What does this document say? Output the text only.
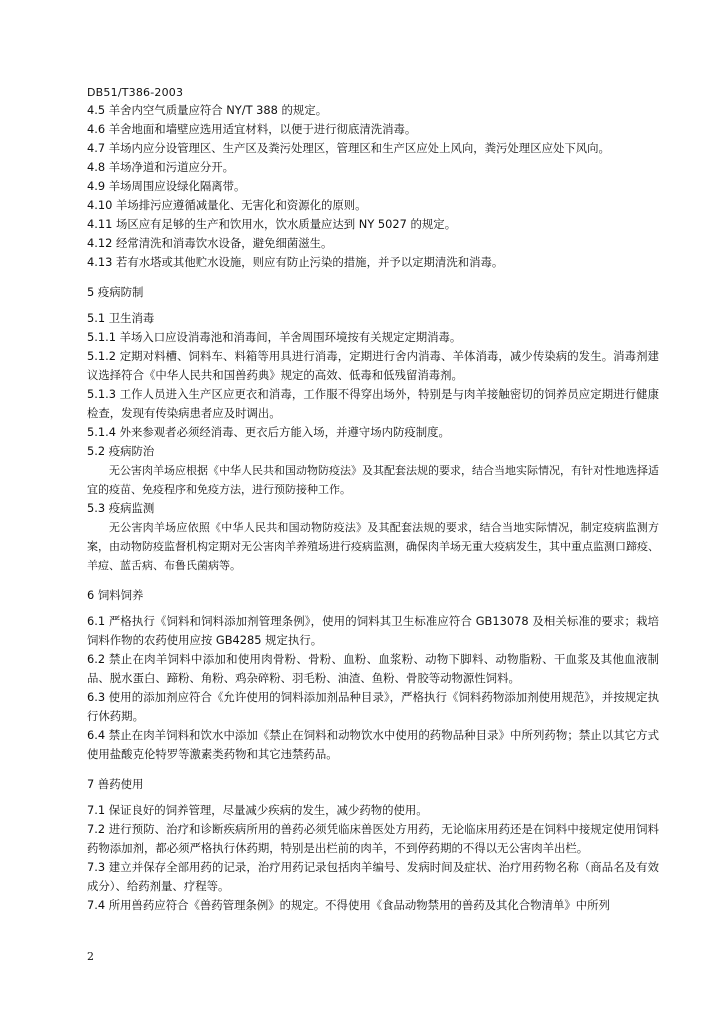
DB51/T386-2003
4.5 羊舍内空气质量应符合 NY/T 388 的规定。
4.6 羊舍地面和墙壁应选用适宜材料，以便于进行彻底清洗消毒。
4.7 羊场内应分设管理区、生产区及粪污处理区，管理区和生产区应处上风向，粪污处理区应处下风向。
4.8 羊场净道和污道应分开。
4.9 羊场周围应设绿化隔离带。
4.10 羊场排污应遵循减量化、无害化和资源化的原则。
4.11 场区应有足够的生产和饮用水，饮水质量应达到 NY 5027 的规定。
4.12 经常清洗和消毒饮水设备，避免细菌滋生。
4.13 若有水塔或其他贮水设施，则应有防止污染的措施，并予以定期清洗和消毒。
5 疫病防制
5.1 卫生消毒
5.1.1 羊场入口应设消毒池和消毒间，羊舍周围环境按有关规定定期消毒。
5.1.2 定期对料槽、饲料车、料箱等用具进行消毒，定期进行舍内消毒、羊体消毒，减少传染病的发生。消毒剂建议选择符合《中华人民共和国兽药典》规定的高效、低毒和低残留消毒剂。
5.1.3 工作人员进入生产区应更衣和消毒，工作服不得穿出场外，特别是与肉羊接触密切的饲养员应定期进行健康检查，发现有传染病患者应及时调出。
5.1.4 外来参观者必须经消毒、更衣后方能入场，并遵守场内防疫制度。
5.2 疫病防治
无公害肉羊场应根据《中华人民共和国动物防疫法》及其配套法规的要求，结合当地实际情况，有针对性地选择适宜的疫苗、免疫程序和免疫方法，进行预防接种工作。
5.3 疫病监测
无公害肉羊场应依照《中华人民共和国动物防疫法》及其配套法规的要求，结合当地实际情况，制定疫病监测方案，由动物防疫监督机构定期对无公害肉羊养殖场进行疫病监测，确保肉羊场无重大疫病发生，其中重点监测口蹄疫、羊痘、蓝舌病、布鲁氏菌病等。
6 饲料饲养
6.1 严格执行《饲料和饲料添加剂管理条例》，使用的饲料其卫生标准应符合 GB13078 及相关标准的要求；栽培饲料作物的农药使用应按 GB4285 规定执行。
6.2 禁止在肉羊饲料中添加和使用肉骨粉、骨粉、血粉、血浆粉、动物下脚料、动物脂粉、干血浆及其他血液制品、脱水蛋白、蹄粉、角粉、鸡杂碎粉、羽毛粉、油渣、鱼粉、骨胶等动物源性饲料。
6.3 使用的添加剂应符合《允许使用的饲料添加剂品种目录》，严格执行《饲料药物添加剂使用规范》，并按规定执行休药期。
6.4 禁止在肉羊饲料和饮水中添加《禁止在饲料和动物饮水中使用的药物品种目录》中所列药物；禁止以其它方式使用盐酸克伦特罗等激素类药物和其它违禁药品。
7 兽药使用
7.1 保证良好的饲养管理，尽量减少疾病的发生，减少药物的使用。
7.2 进行预防、治疗和诊断疾病所用的兽药必须凭临床兽医处方用药，无论临床用药还是在饲料中接规定使用饲料药物添加剂，都必须严格执行休药期，特别是出栏前的肉羊，不到停药期的不得以无公害肉羊出栏。
7.3 建立并保存全部用药的记录，治疗用药记录包括肉羊编号、发病时间及症状、治疗用药物名称（商品名及有效成分）、给药剂量、疗程等。
7.4 所用兽药应符合《兽药管理条例》的规定。不得使用《食品动物禁用的兽药及其化合物清单》中所列
2
